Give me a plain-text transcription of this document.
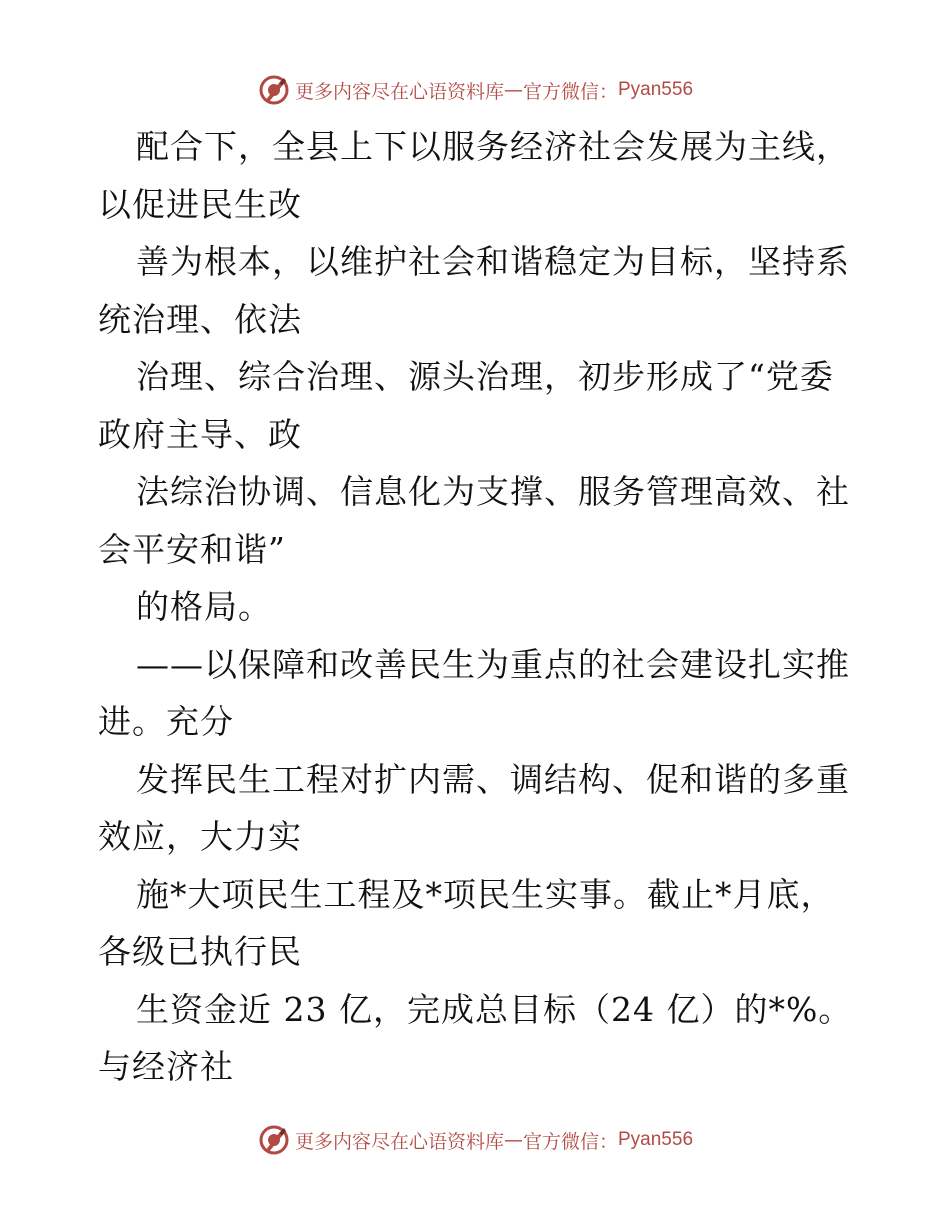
更多内容尽在心语资料库 — 官方微信： Pyan556
配合下，全县上下以服务经济社会发展为主线，
以促进民生改
善为根本，以维护社会和谐稳定为目标，坚持系
统治理、依法
治理、综合治理、源头治理，初步形成了“党委
政府主导、政
法综治协调、信息化为支撑、服务管理高效、社
会平安和谐”
的格局。
——以保障和改善民生为重点的社会建设扎实推
进。充分
发挥民生工程对扩内需、调结构、促和谐的多重
效应，大力实
施*大项民生工程及*项民生实事。截止*月底，
各级已执行民
生资金近 23 亿，完成总目标（24 亿）的*%。
与经济社
更多内容尽在心语资料库 — 官方微信： Pyan556
